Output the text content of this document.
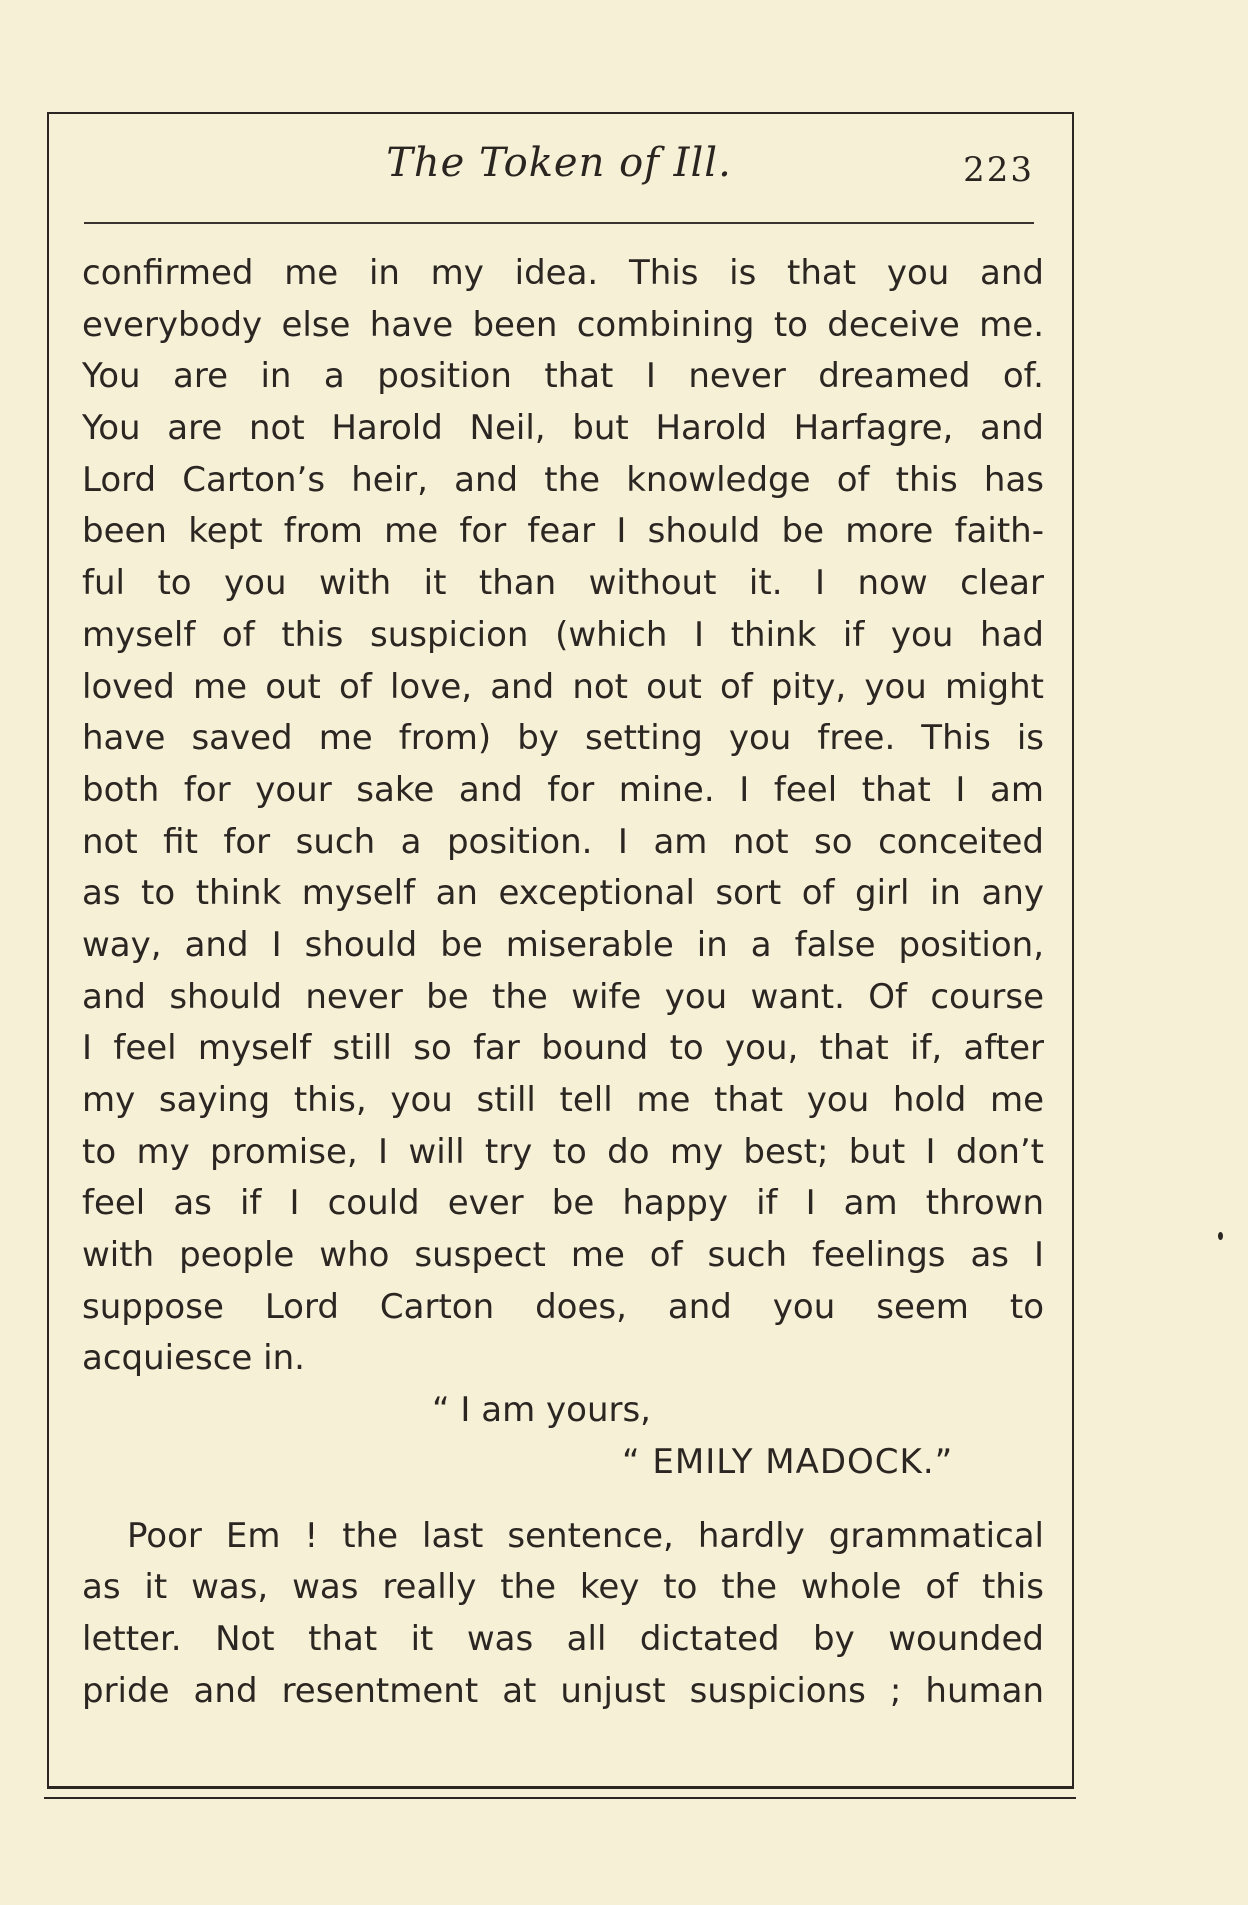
The Token of Ill.	223
confirmed me in my idea. This is that you and
everybody else have been combining to deceive me.
You are in a position that I never dreamed of.
You are not Harold Neil, but Harold Harfagre, and
Lord Carton’s heir, and the knowledge of this has
been kept from me for fear I should be more faith-
ful to you with it than without it. I now clear
myself of this suspicion (which I think if you had
loved me out of love, and not out of pity, you might
have saved me from) by setting you free. This is
both for your sake and for mine. I feel that I am
not fit for such a position. I am not so conceited
as to think myself an exceptional sort of girl in any
way, and I should be miserable in a false position,
and should never be the wife you want. Of course
I feel myself still so far bound to you, that if, after
my saying this, you still tell me that you hold me
to my promise, I will try to do my best; but I don’t
feel as if I could ever be happy if I am thrown
with people who suspect me of such feelings as I
suppose Lord Carton does, and you seem to
acquiesce in.
“ I am yours,
“ EMILY MADOCK.”
Poor Em ! the last sentence, hardly grammatical
as it was, was really the key to the whole of this
letter. Not that it was all dictated by wounded
pride and resentment at unjust suspicions ; human
